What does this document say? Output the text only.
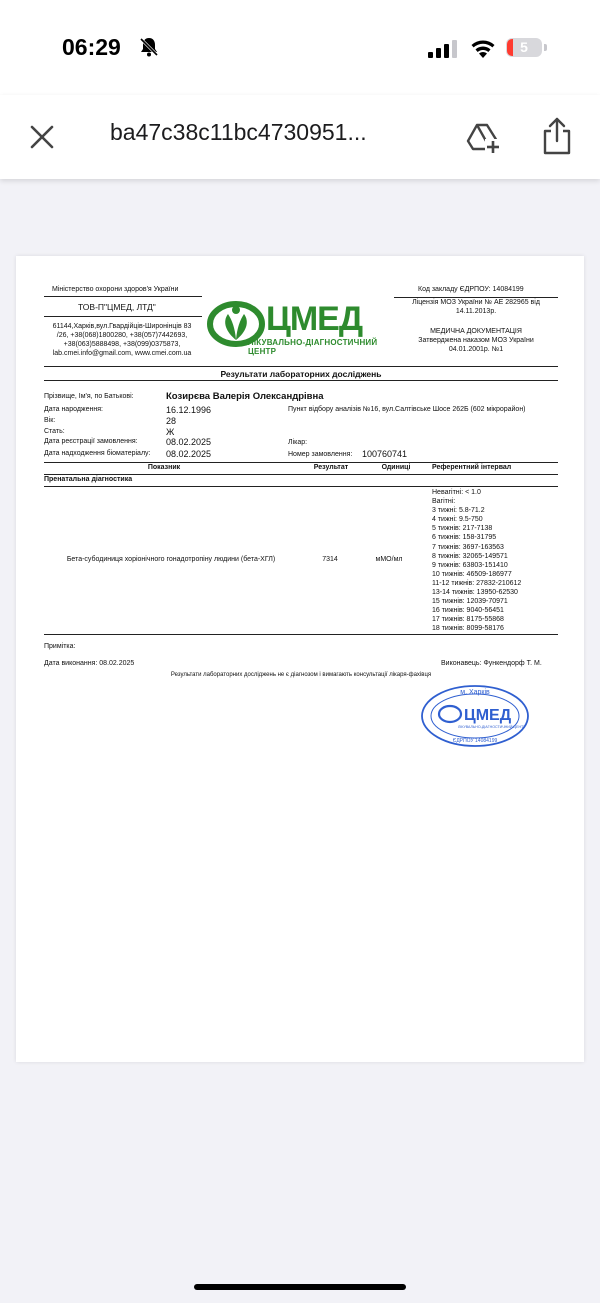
06:29	5
ba47c38c11bc4730951...
Міністерство охорони здоров'я України
ТОВ-П"ЦМЕД, ЛТД"
61144,Харків,вул.Гвардійців-Широнінців 83
/26, +38(068)1800280, +38(057)7442693,
+38(063)5888498, +38(099)0375873,
lab.cmei.info@gmail.com, www.cmei.com.ua
ЦМЕД
ЛІКУВАЛЬНО-ДІАГНОСТИЧНИЙ ЦЕНТР
Код закладу ЄДРПОУ: 14084199
Ліцензія МОЗ України № АЕ 282965 від
14.11.2013р.
МЕДИЧНА ДОКУМЕНТАЦІЯ
Затверджена наказом МОЗ України
04.01.2001р. №1
Результати лабораторних досліджень
Прізвище, Ім'я, по Батькові:	Козирєва Валерія Олександрівна
Дата народження:	16.12.1996	Пункт відбору аналізів №16, вул.Салтівське Шосе 262Б (602 мікрорайон)
Вік:	28
Стать:	Ж
Дата реєстрації замовлення:	08.02.2025	Лікар:
Дата надходження біоматеріалу: 08.02.2025	Номер замовлення: 100760741
Показник	Результат	Одиниці	Референтний інтервал
Пренатальна діагностика
Бета-субодиниця хоріонічного гонадотропіну людини (бета-ХГЛ)	7314	мМО/мл
Невагітні: < 1.0
Вагітні:
3 тижні: 5.8-71.2
4 тижні: 9.5-750
5 тижнів: 217-7138
6 тижнів: 158-31795
7 тижнів: 3697-163563
8 тижнів: 32065-149571
9 тижнів: 63803-151410
10 тижнів: 46509-186977
11-12 тижнів: 27832-210612
13-14 тижнів: 13950-62530
15 тижнів: 12039-70971
16 тижнів: 9040-56451
17 тижнів: 8175-55868
18 тижнів: 8099-58176
Примітка:
Дата виконання: 08.02.2025	Виконавець: Функендорф Т. М.
Результати лабораторних досліджень не є діагнозом і вимагають консультації лікаря-фахівця
м. Харків
ЦМЕД
ЛІКУВАЛЬНО-ДІАГНОСТИЧНИЙ ЦЕНТР
ЄДРПОУ 14084199
